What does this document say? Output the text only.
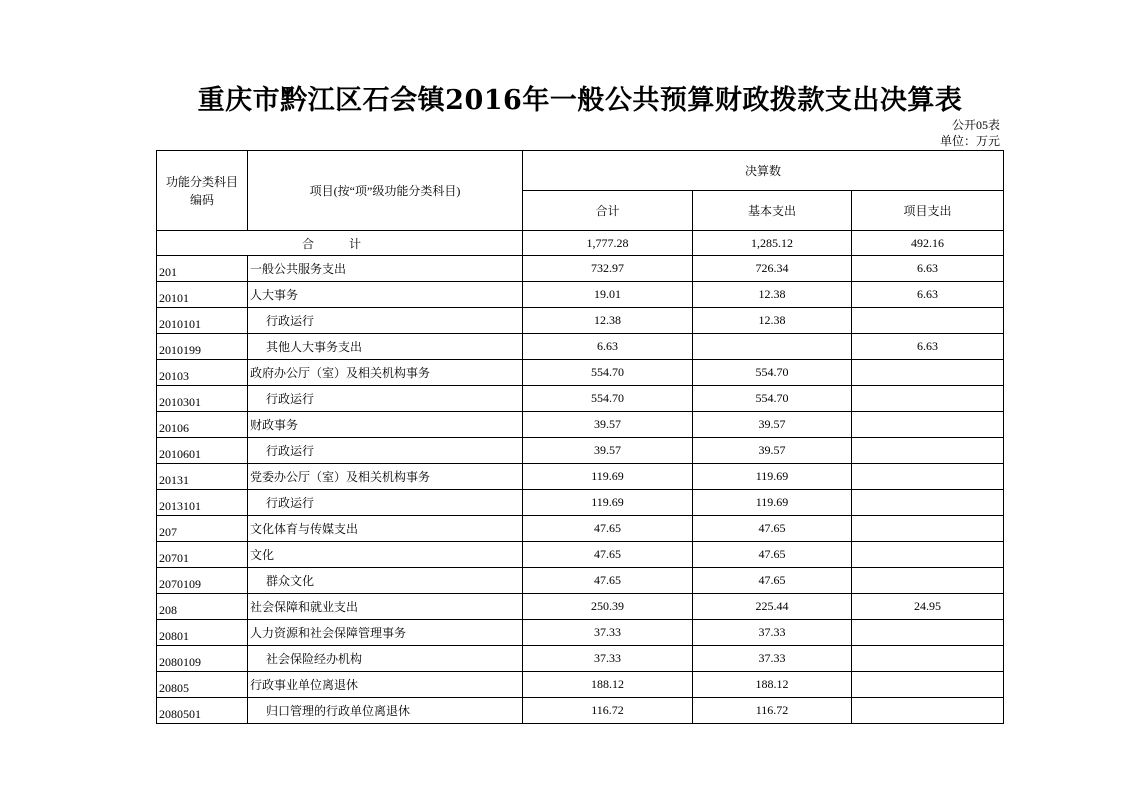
重庆市黔江区石会镇2016年一般公共预算财政拨款支出决算表
公开05表
单位：万元
功能分类科目编码	项目(按“项”级功能分类科目)	决算数		
		合计	基本支出	项目支出
合 计		1,777.28	1,285.12	492.16
201	一般公共服务支出	732.97	726.34	6.63
20101	人大事务	19.01	12.38	6.63
2010101	行政运行	12.38	12.38	
2010199	其他人大事务支出	6.63		6.63
20103	政府办公厅（室）及相关机构事务	554.70	554.70	
2010301	行政运行	554.70	554.70	
20106	财政事务	39.57	39.57	
2010601	行政运行	39.57	39.57	
20131	党委办公厅（室）及相关机构事务	119.69	119.69	
2013101	行政运行	119.69	119.69	
207	文化体育与传媒支出	47.65	47.65	
20701	文化	47.65	47.65	
2070109	群众文化	47.65	47.65	
208	社会保障和就业支出	250.39	225.44	24.95
20801	人力资源和社会保障管理事务	37.33	37.33	
2080109	社会保险经办机构	37.33	37.33	
20805	行政事业单位离退休	188.12	188.12	
2080501	归口管理的行政单位离退休	116.72	116.72	
